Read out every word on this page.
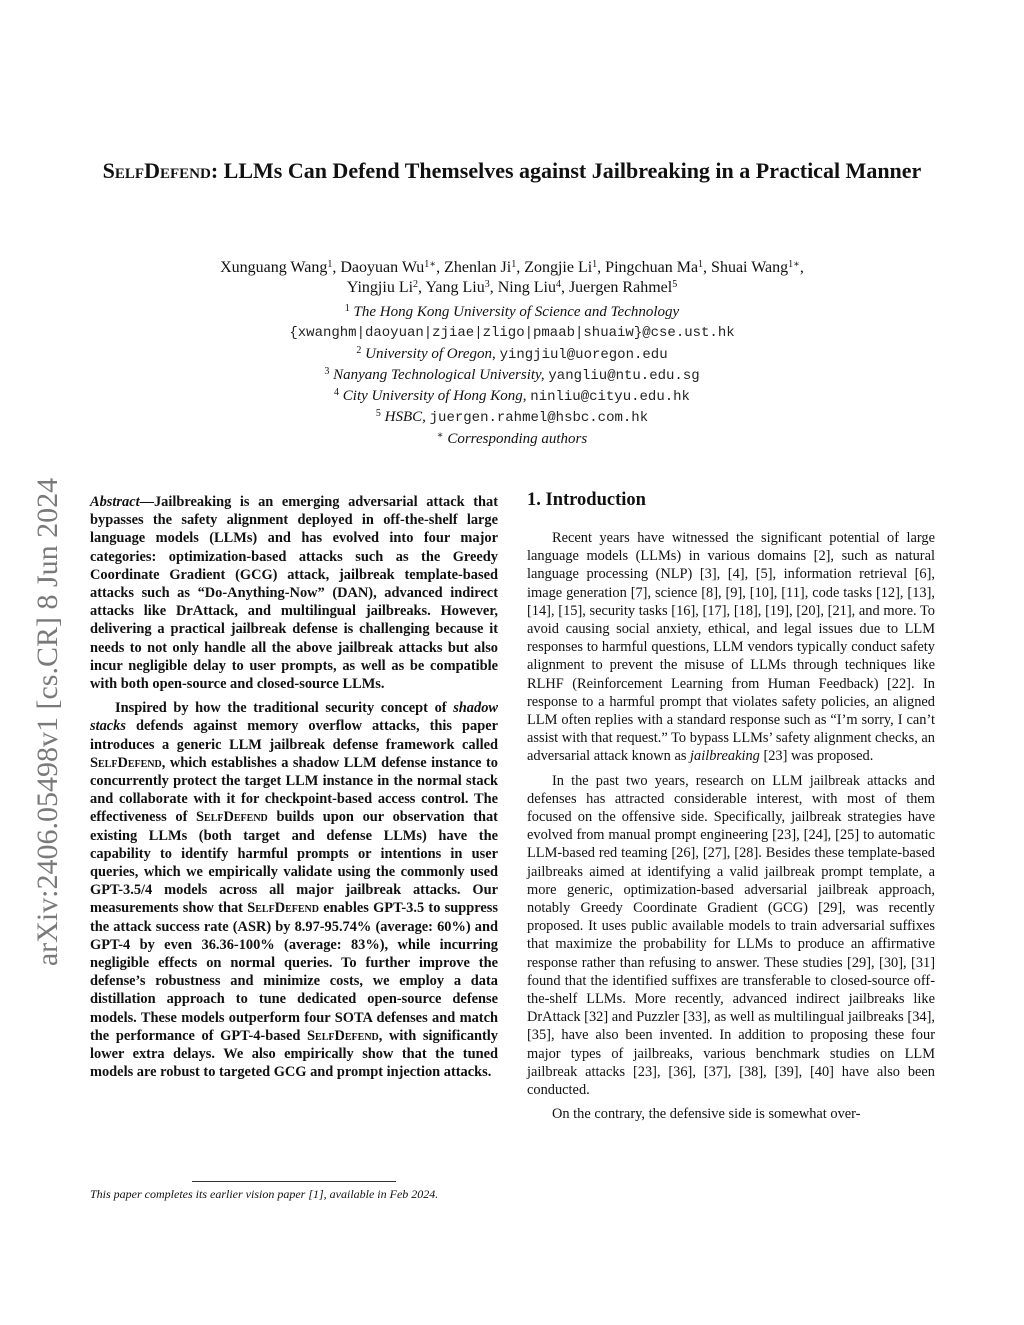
arXiv:2406.05498v1 [cs.CR] 8 Jun 2024
SelfDefend: LLMs Can Defend Themselves against Jailbreaking in a Practical Manner
Xunguang Wang$^1$, Daoyuan $Wu^{1∗}$, Zhenlan Ji$^1$, Zongjie Li$^1$, Pingchuan Ma$^1$, Shuai Wang$^{1∗}$,
Yingjiu Li$^2$, Yang Liu$^3$, Ning Liu$^4$, Juergen Rahmel$^5$
$^1$ The Hong Kong University of Science and Technology
{xwanghm|daoyuan|zjiae|zligo|pmaab|shuaiw}@cse.ust.hk
$^2$ University of Oregon, yingjiul@uoregon.edu
$^3$ Nanyang Technological University, yangliu@ntu.edu.sg
$^4$ City University of Hong Kong, ninliu@cityu.edu.hk
$^5$ HSBC, juergen.rahmel@hsbc.com.hk
∗ Corresponding authors

Abstract—Jailbreaking is an emerging adversarial attack that bypasses the safety alignment deployed in off-the-shelf large language models (LLMs) and has evolved into four major categories: optimization-based attacks such as the Greedy Coordinate Gradient (GCG) attack, jailbreak template-based attacks such as “Do-Anything-Now” (DAN), advanced indirect attacks like DrAttack, and multilingual jailbreaks. However, delivering a practical jailbreak defense is challenging because it needs to not only handle all the above jailbreak attacks but also incur negligible delay to user prompts, as well as be compatible with both open-source and closed-source LLMs.

Inspired by how the traditional security concept of shadow stacks defends against memory overflow attacks, this paper introduces a generic LLM jailbreak defense framework called SelfDefend, which establishes a shadow LLM defense instance to concurrently protect the target LLM instance in the normal stack and collaborate with it for checkpoint-based access control. The effectiveness of SelfDefend builds upon our observation that existing LLMs (both target and defense LLMs) have the capability to identify harmful prompts or intentions in user queries, which we empirically validate using the commonly used GPT-3.5/4 models across all major jailbreak attacks. Our measurements show that SelfDefend enables GPT-3.5 to suppress the attack success rate (ASR) by 8.97-95.74% (average: 60%) and GPT-4 by even 36.36-100% (average: 83%), while incurring negligible effects on normal queries. To further improve the defense’s robustness and minimize costs, we employ a data distillation approach to tune dedicated open-source defense models. These models outperform four SOTA defenses and match the performance of GPT-4-based SelfDefend, with significantly lower extra delays. We also empirically show that the tuned models are robust to targeted GCG and prompt injection attacks.

This paper completes its earlier vision paper [1], available in Feb 2024.
1. Introduction

Recent years have witnessed the significant potential of large language models (LLMs) in various domains [2], such as natural language processing (NLP) [3], [4], [5], information retrieval [6], image generation [7], science [8], [9], [10], [11], code tasks [12], [13], [14], [15], security tasks [16], [17], [18], [19], [20], [21], and more. To avoid causing social anxiety, ethical, and legal issues due to LLM responses to harmful questions, LLM vendors typically conduct safety alignment to prevent the misuse of LLMs through techniques like RLHF (Reinforcement Learning from Human Feedback) [22]. In response to a harmful prompt that violates safety policies, an aligned LLM often replies with a standard response such as “I’m sorry, I can’t assist with that request.” To bypass LLMs’ safety alignment checks, an adversarial attack known as jailbreaking [23] was proposed.

In the past two years, research on LLM jailbreak attacks and defenses has attracted considerable interest, with most of them focused on the offensive side. Specifically, jailbreak strategies have evolved from manual prompt engineering [23], [24], [25] to automatic LLM-based red teaming [26], [27], [28]. Besides these template-based jailbreaks aimed at identifying a valid jailbreak prompt template, a more generic, optimization-based adversarial jailbreak approach, notably Greedy Coordinate Gradient (GCG) [29], was recently proposed. It uses public available models to train adversarial suffixes that maximize the probability for LLMs to produce an affirmative response rather than refusing to answer. These studies [29], [30], [31] found that the identified suffixes are transferable to closed-source off-the-shelf LLMs. More recently, advanced indirect jailbreaks like DrAttack [32] and Puzzler [33], as well as multilingual jailbreaks [34], [35], have also been invented. In addition to proposing these four major types of jailbreaks, various benchmark studies on LLM jailbreak attacks [23], [36], [37], [38], [39], [40] have also been conducted.

On the contrary, the defensive side is somewhat over-
